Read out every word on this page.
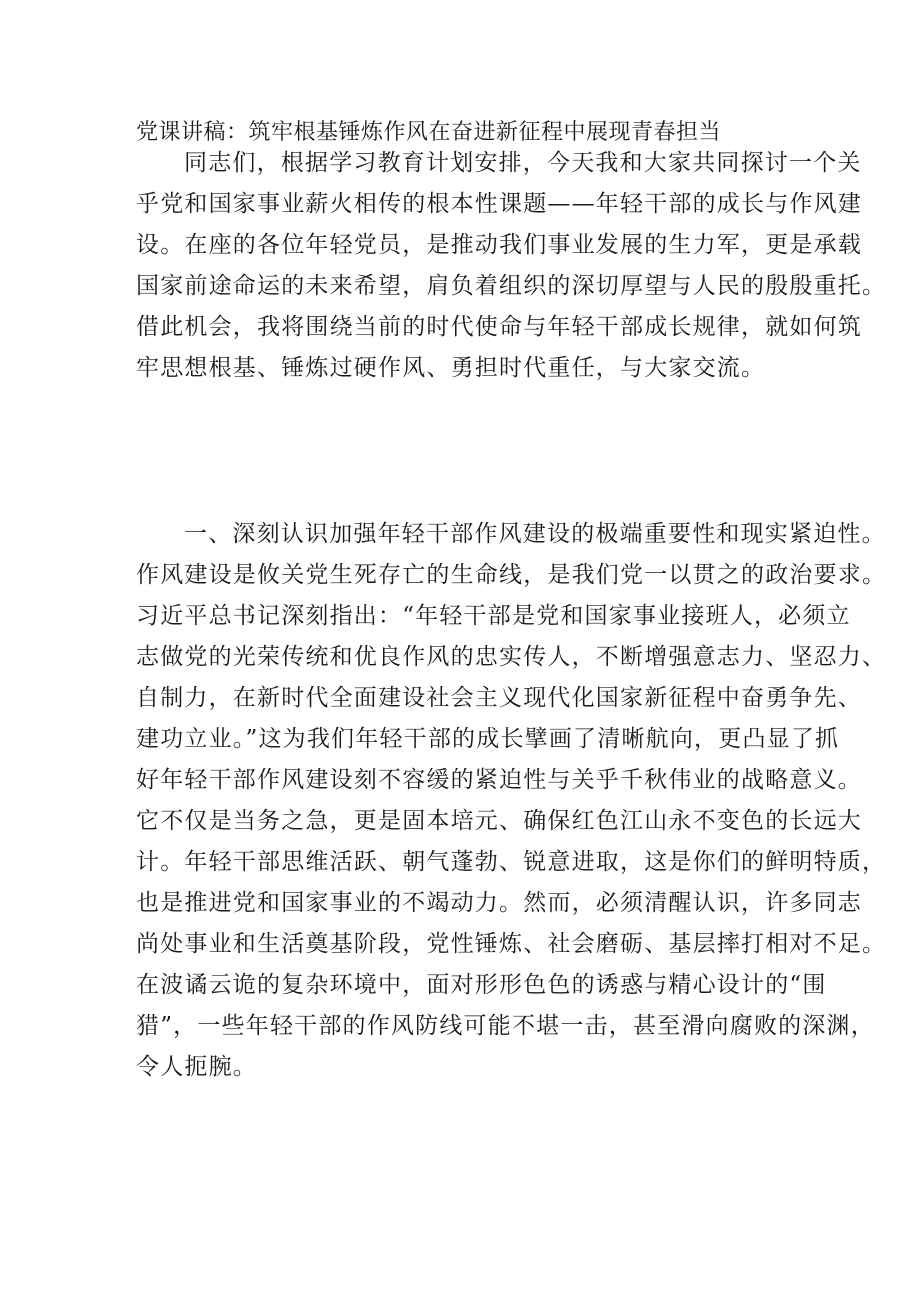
党课讲稿：筑牢根基锤炼作风在奋进新征程中展现青春担当
同志们，根据学习教育计划安排，今天我和大家共同探讨一个关
乎党和国家事业薪火相传的根本性课题——年轻干部的成长与作风建
设。在座的各位年轻党员，是推动我们事业发展的生力军，更是承载
国家前途命运的未来希望，肩负着组织的深切厚望与人民的殷殷重托。
借此机会，我将围绕当前的时代使命与年轻干部成长规律，就如何筑
牢思想根基、锤炼过硬作风、勇担时代重任，与大家交流。
一、深刻认识加强年轻干部作风建设的极端重要性和现实紧迫性。
作风建设是攸关党生死存亡的生命线，是我们党一以贯之的政治要求。
习近平总书记深刻指出：“年轻干部是党和国家事业接班人，必须立
志做党的光荣传统和优良作风的忠实传人，不断增强意志力、坚忍力、
自制力，在新时代全面建设社会主义现代化国家新征程中奋勇争先、
建功立业。”这为我们年轻干部的成长擘画了清晰航向，更凸显了抓
好年轻干部作风建设刻不容缓的紧迫性与关乎千秋伟业的战略意义。
它不仅是当务之急，更是固本培元、确保红色江山永不变色的长远大
计。年轻干部思维活跃、朝气蓬勃、锐意进取，这是你们的鲜明特质，
也是推进党和国家事业的不竭动力。然而，必须清醒认识，许多同志
尚处事业和生活奠基阶段，党性锤炼、社会磨砺、基层摔打相对不足。
在波谲云诡的复杂环境中，面对形形色色的诱惑与精心设计的“围
猎”，一些年轻干部的作风防线可能不堪一击，甚至滑向腐败的深渊，
令人扼腕。
